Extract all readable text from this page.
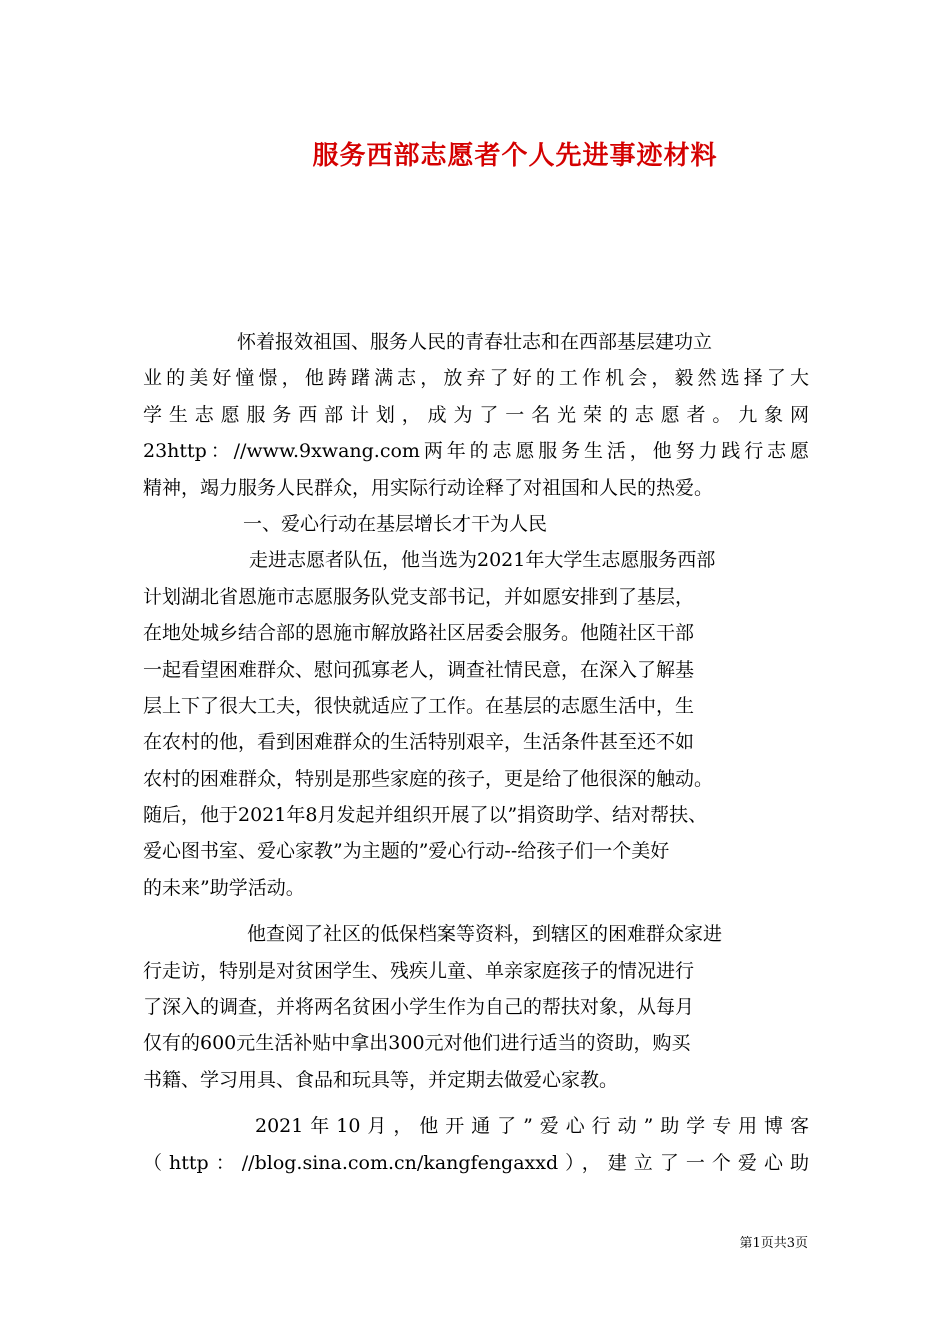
服务西部志愿者个人先进事迹材料
怀着报效祖国、服务人民的青春壮志和在西部基层建功立
业的美好憧憬，他踌躇满志，放弃了好的工作机会，毅然选择了大
学生志愿服务西部计划，成为了一名光荣的志愿者。九象网
23http：//www.9xwang.com两年的志愿服务生活，他努力践行志愿
精神，竭力服务人民群众，用实际行动诠释了对祖国和人民的热爱。
一、爱心行动在基层增长才干为人民
走进志愿者队伍，他当选为2021年大学生志愿服务西部
计划湖北省恩施市志愿服务队党支部书记，并如愿安排到了基层，
在地处城乡结合部的恩施市解放路社区居委会服务。他随社区干部
一起看望困难群众、慰问孤寡老人，调查社情民意，在深入了解基
层上下了很大工夫，很快就适应了工作。在基层的志愿生活中，生
在农村的他，看到困难群众的生活特别艰辛，生活条件甚至还不如
农村的困难群众，特别是那些家庭的孩子，更是给了他很深的触动。
随后，他于2021年8月发起并组织开展了以”捐资助学、结对帮扶、
爱心图书室、爱心家教”为主题的”爱心行动--给孩子们一个美好
的未来”助学活动。
他查阅了社区的低保档案等资料，到辖区的困难群众家进
行走访，特别是对贫困学生、残疾儿童、单亲家庭孩子的情况进行
了深入的调查，并将两名贫困小学生作为自己的帮扶对象，从每月
仅有的600元生活补贴中拿出300元对他们进行适当的资助，购买
书籍、学习用具、食品和玩具等，并定期去做爱心家教。
2021年10月，他开通了”爱心行动”助学专用博客
（http：//blog.sina.com.cn/kangfengaxxd），建立了一个爱心助
第1页共3页
